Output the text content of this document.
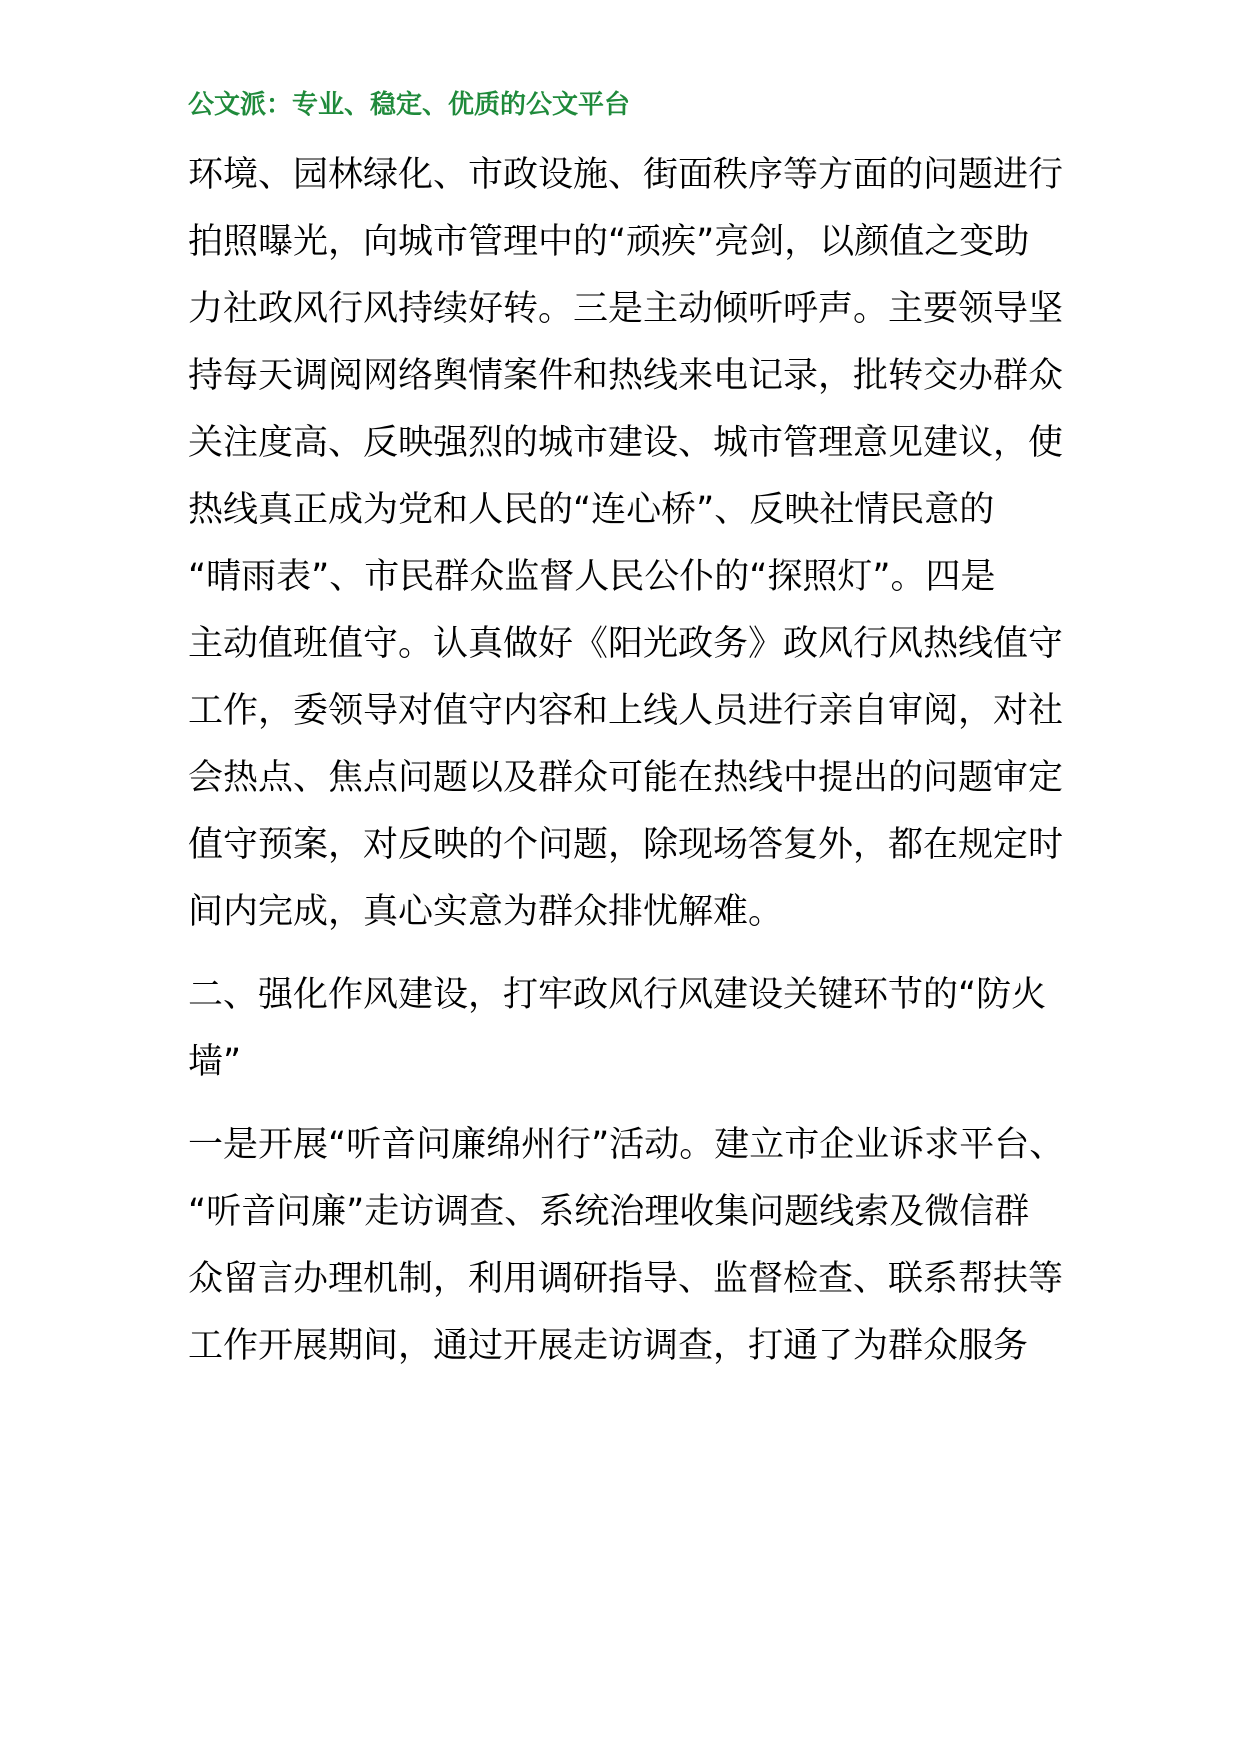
公文派：专业、稳定、优质的公文平台
环境、园林绿化、市政设施、街面秩序等方面的问题进行
拍照曝光，向城市管理中的“顽疾”亮剑，以颜值之变助
力社政风行风持续好转。三是主动倾听呼声。主要领导坚
持每天调阅网络舆情案件和热线来电记录，批转交办群众
关注度高、反映强烈的城市建设、城市管理意见建议，使
热线真正成为党和人民的“连心桥”、反映社情民意的
“晴雨表”、市民群众监督人民公仆的“探照灯”。四是
主动值班值守。认真做好《阳光政务》政风行风热线值守
工作，委领导对值守内容和上线人员进行亲自审阅，对社
会热点、焦点问题以及群众可能在热线中提出的问题审定
值守预案，对反映的个问题，除现场答复外，都在规定时
间内完成，真心实意为群众排忧解难。
二、强化作风建设，打牢政风行风建设关键环节的“防火
墙”
一是开展“听音问廉绵州行”活动。建立市企业诉求平台、
“听音问廉”走访调查、系统治理收集问题线索及微信群
众留言办理机制，利用调研指导、监督检查、联系帮扶等
工作开展期间，通过开展走访调查，打通了为群众服务
